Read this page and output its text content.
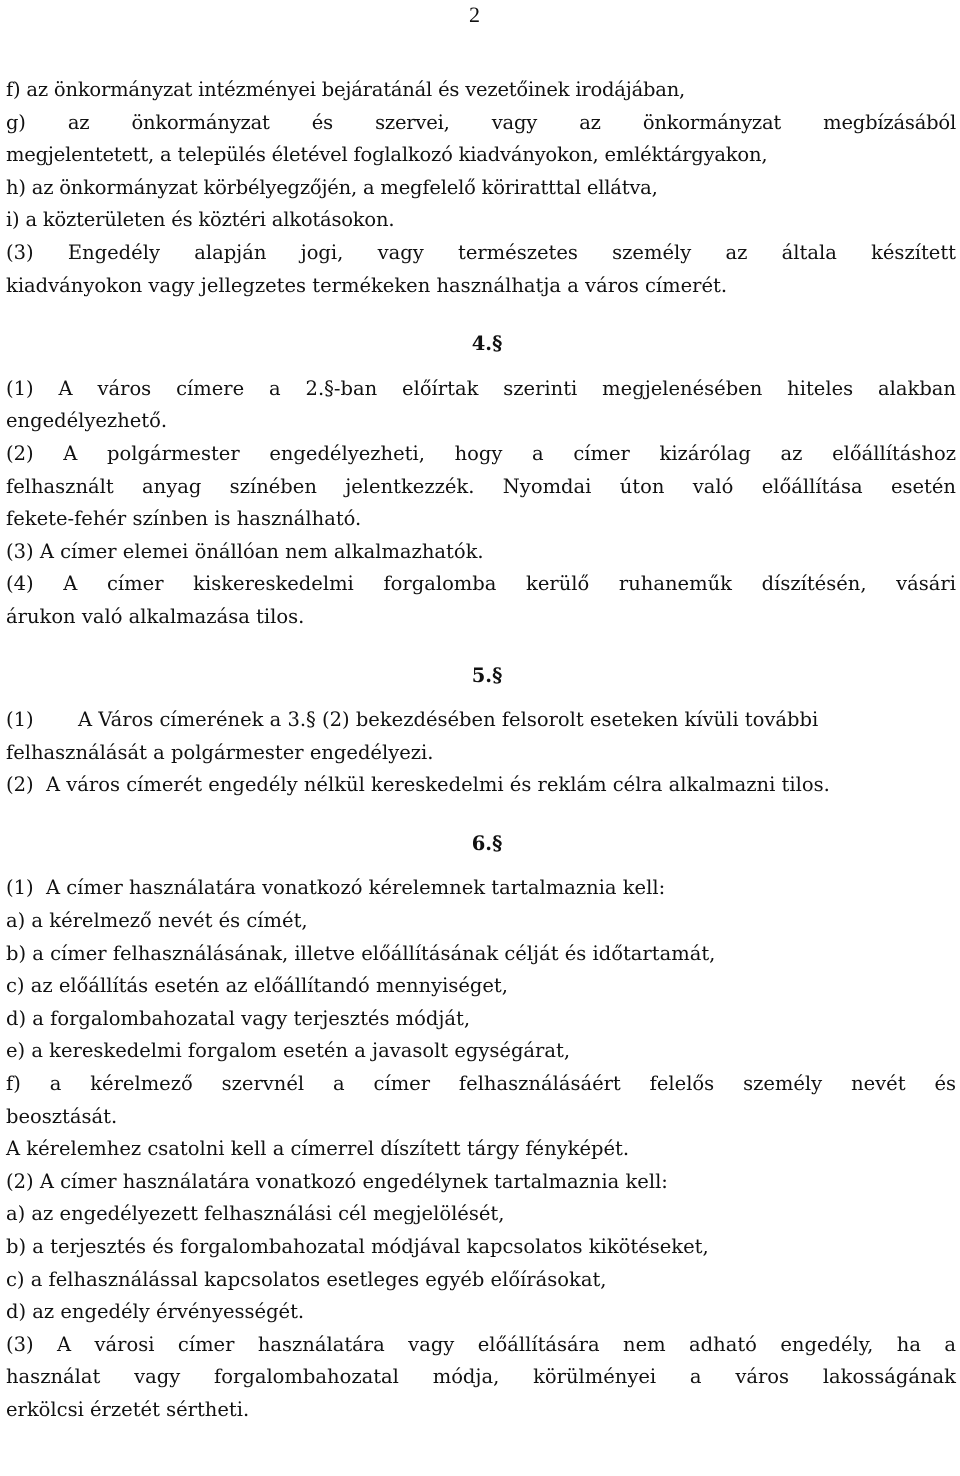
2

f) az önkormányzat intézményei bejáratánál és vezetőinek irodájában,

g) az önkormányzat és szervei, vagy az önkormányzat megbízásából

megjelentetett, a település életével foglalkozó kiadványokon, emléktárgyakon,

h) az önkormányzat körbélyegzőjén, a megfelelő köriratttal ellátva,

i) a közterületen és köztéri alkotásokon.

(3) Engedély alapján jogi, vagy természetes személy az általa készített

kiadványokon vagy jellegzetes termékeken használhatja a város címerét.

4.§

(1) A város címere a 2.§-ban előírtak szerinti megjelenésében hiteles alakban

engedélyezhető.

(2) A polgármester engedélyezheti, hogy a címer kizárólag az előállításhoz

felhasznált anyag színében jelentkezzék. Nyomdai úton való előállítása esetén

fekete-fehér színben is használható.

(3) A címer elemei önállóan nem alkalmazhatók.

(4) A címer kiskereskedelmi forgalomba kerülő ruhaneműk díszítésén, vásári

árukon való alkalmazása tilos.

5.§

(1) A Város címerének a 3.§ (2) bekezdésében felsorolt eseteken kívüli további

felhasználását a polgármester engedélyezi.

(2) A város címerét engedély nélkül kereskedelmi és reklám célra alkalmazni tilos.

6.§

(1) A címer használatára vonatkozó kérelemnek tartalmaznia kell:

a) a kérelmező nevét és címét,

b) a címer felhasználásának, illetve előállításának célját és időtartamát,

c) az előállítás esetén az előállítandó mennyiséget,

d) a forgalombahozatal vagy terjesztés módját,

e) a kereskedelmi forgalom esetén a javasolt egységárat,

f) a kérelmező szervnél a címer felhasználásáért felelős személy nevét és

beosztását.

A kérelemhez csatolni kell a címerrel díszített tárgy fényképét.

(2) A címer használatára vonatkozó engedélynek tartalmaznia kell:

a) az engedélyezett felhasználási cél megjelölését,

b) a terjesztés és forgalombahozatal módjával kapcsolatos kikötéseket,

c) a felhasználással kapcsolatos esetleges egyéb előírásokat,

d) az engedély érvényességét.

(3) A városi címer használatára vagy előállítására nem adható engedély, ha a

használat vagy forgalombahozatal módja, körülményei a város lakosságának

erkölcsi érzetét sértheti.
